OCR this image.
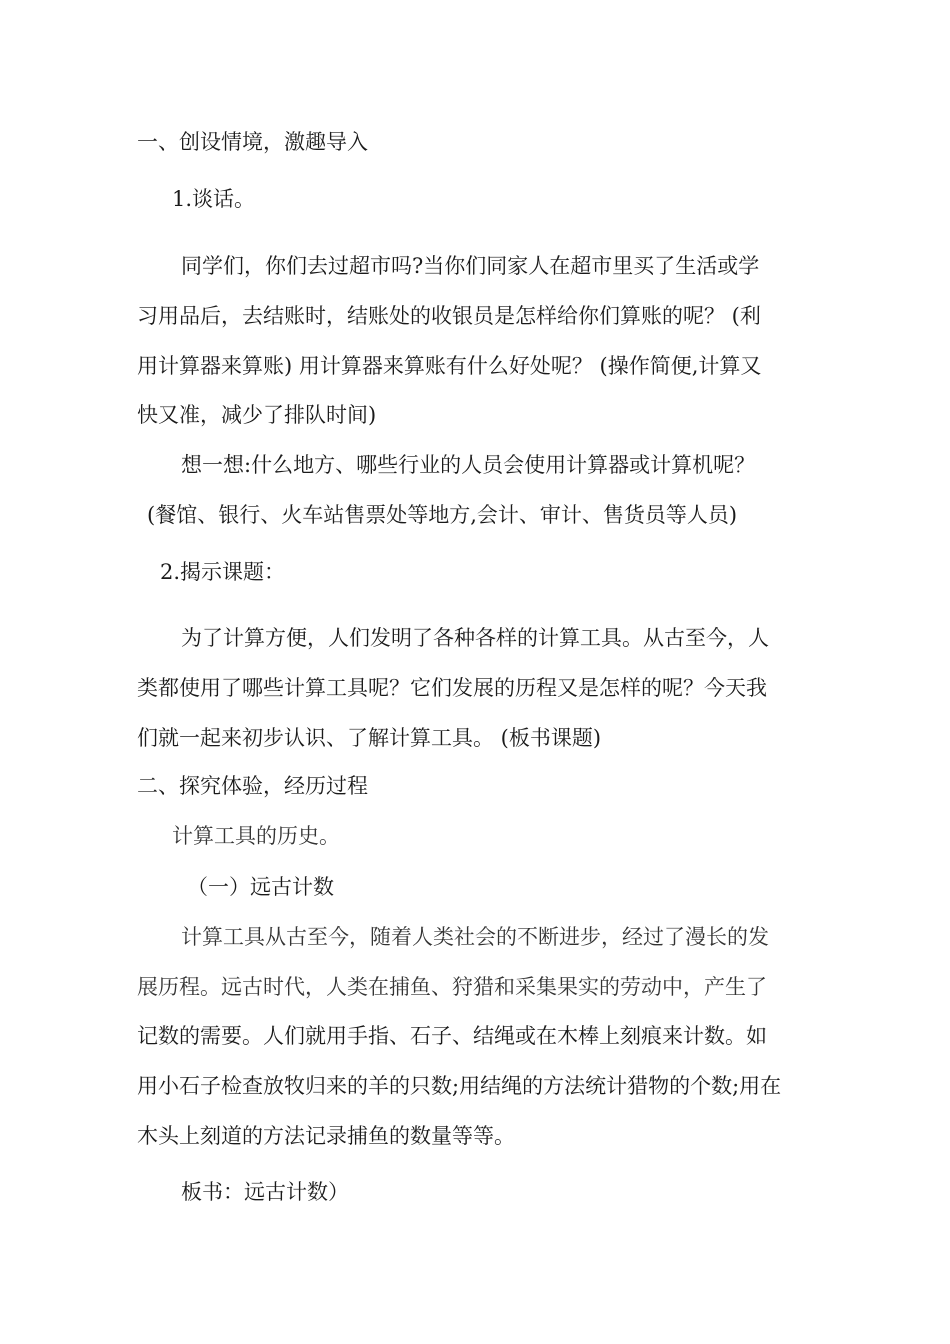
一、创设情境，激趣导入
1.谈话。
同学们，你们去过超市吗?当你们同家人在超市里买了生活或学
习用品后，去结账时，结账处的收银员是怎样给你们算账的呢？ (利
用计算器来算账) 用计算器来算账有什么好处呢？ (操作简便,计算又
快又准，减少了排队时间)
想一想:什么地方、哪些行业的人员会使用计算器或计算机呢？
(餐馆、银行、火车站售票处等地方,会计、审计、售货员等人员)
2.揭示课题：
为了计算方便，人们发明了各种各样的计算工具。从古至今，人
类都使用了哪些计算工具呢？它们发展的历程又是怎样的呢？今天我
们就一起来初步认识、了解计算工具。 (板书课题)
二、探究体验，经历过程
计算工具的历史。
（一）远古计数
计算工具从古至今，随着人类社会的不断进步，经过了漫长的发
展历程。远古时代，人类在捕鱼、狩猎和采集果实的劳动中，产生了
记数的需要。人们就用手指、石子、结绳或在木棒上刻痕来计数。如
用小石子检查放牧归来的羊的只数;用结绳的方法统计猎物的个数;用在
木头上刻道的方法记录捕鱼的数量等等。
板书：远古计数）
